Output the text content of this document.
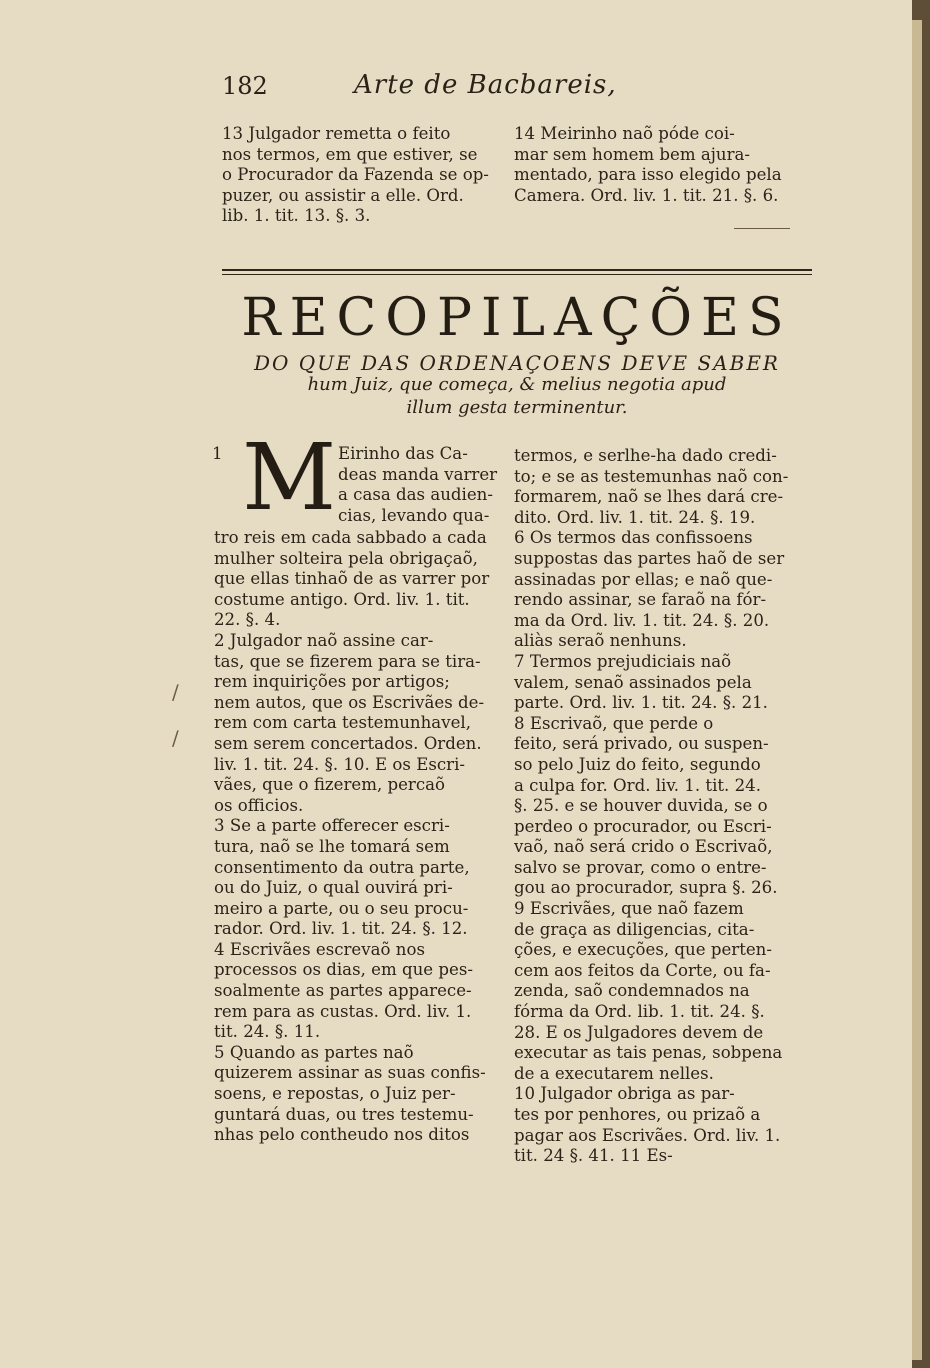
182	Arte de Bacbareis,
13 Julgador remetta o feito
nos termos, em que estiver, se
o Procurador da Fazenda se op-
puzer, ou assistir a elle. Ord.
lib. 1. tit. 13. §. 3.
14 Meirinho naõ póde coi-
mar sem homem bem ajura-
mentado, para isso elegido pela
Camera. Ord. liv. 1. tit. 21. §. 6.
RECOPILAÇÕES
DO QUE DAS ORDENAÇOENS DEVE SABER
hum Juiz, que começa, & melius negotia apud
illum gesta terminentur.
1 M Eirinho das Ca-
deas manda varrer
a casa das audien-
cias, levando qua-
tro reis em cada sabbado a cada
mulher solteira pela obrigaçaõ,
que ellas tinhaõ de as varrer por
costume antigo. Ord. liv. 1. tit.
22. §. 4.
2 Julgador naõ assine car-
tas, que se fizerem para se tira-
rem inquirições por artigos;
nem autos, que os Escrivães de-
rem com carta testemunhavel,
sem serem concertados. Orden.
liv. 1. tit. 24. §. 10. E os Escri-
vães, que o fizerem, percaõ
os officios.
3 Se a parte offerecer escri-
tura, naõ se lhe tomará sem
consentimento da outra parte,
ou do Juiz, o qual ouvirá pri-
meiro a parte, ou o seu procu-
rador. Ord. liv. 1. tit. 24. §. 12.
4 Escrivães escrevaõ nos
processos os dias, em que pes-
soalmente as partes apparece-
rem para as custas. Ord. liv. 1.
tit. 24. §. 11.
5 Quando as partes naõ
quizerem assinar as suas confis-
soens, e repostas, o Juiz per-
guntará duas, ou tres testemu-
nhas pelo contheudo nos ditos
termos, e serlhe-ha dado credi-
to; e se as testemunhas naõ con-
formarem, naõ se lhes dará cre-
dito. Ord. liv. 1. tit. 24. §. 19.
6 Os termos das confissoens
suppostas das partes haõ de ser
assinadas por ellas; e naõ que-
rendo assinar, se faraõ na fór-
ma da Ord. liv. 1. tit. 24. §. 20.
aliàs seraõ nenhuns.
7 Termos prejudiciais naõ
valem, senaõ assinados pela
parte. Ord. liv. 1. tit. 24. §. 21.
8 Escrivaõ, que perde o
feito, será privado, ou suspen-
so pelo Juiz do feito, segundo
a culpa for. Ord. liv. 1. tit. 24.
§. 25. e se houver duvida, se o
perdeo o procurador, ou Escri-
vaõ, naõ será crido o Escrivaõ,
salvo se provar, como o entre-
gou ao procurador, supra §. 26.
9 Escrivães, que naõ fazem
de graça as diligencias, cita-
ções, e execuções, que perten-
cem aos feitos da Corte, ou fa-
zenda, saõ condemnados na
fórma da Ord. lib. 1. tit. 24. §.
28. E os Julgadores devem de
executar as tais penas, sobpena
de a executarem nelles.
10 Julgador obriga as par-
tes por penhores, ou prizaõ a
pagar aos Escrivães. Ord. liv. 1.
tit. 24 §. 41. 11 Es-
∕
∕
